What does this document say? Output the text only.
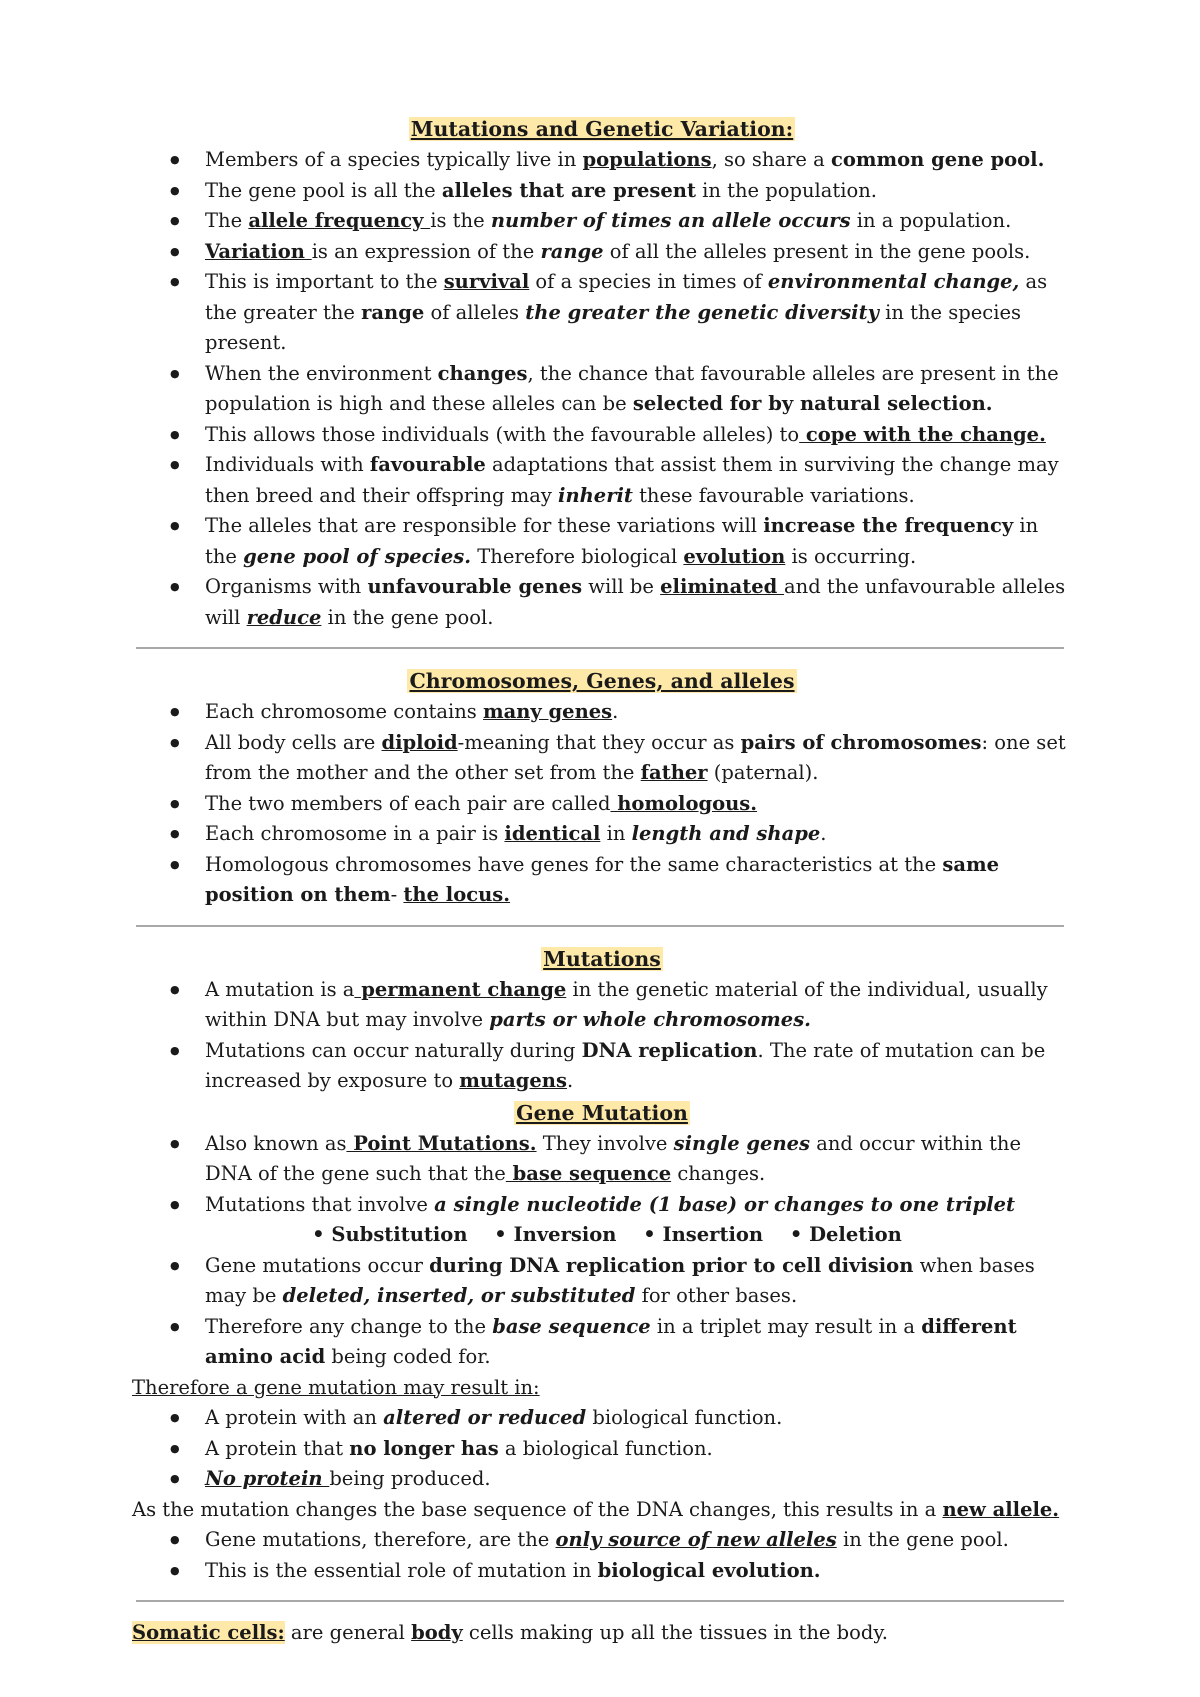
Mutations and Genetic Variation:
● Members of a species typically live in populations, so share a common gene pool.
● The gene pool is all the alleles that are present in the population.
● The allele frequency is the number of times an allele occurs in a population.
● Variation is an expression of the range of all the alleles present in the gene pools.
● This is important to the survival of a species in times of environmental change, as the greater the range of alleles the greater the genetic diversity in the species present.
● When the environment changes, the chance that favourable alleles are present in the population is high and these alleles can be selected for by natural selection.
● This allows those individuals (with the favourable alleles) to cope with the change.
● Individuals with favourable adaptations that assist them in surviving the change may then breed and their offspring may inherit these favourable variations.
● The alleles that are responsible for these variations will increase the frequency in the gene pool of species. Therefore biological evolution is occurring.
● Organisms with unfavourable genes will be eliminated and the unfavourable alleles will reduce in the gene pool.
Chromosomes, Genes, and alleles
● Each chromosome contains many genes.
● All body cells are diploid-meaning that they occur as pairs of chromosomes: one set from the mother and the other set from the father (paternal).
● The two members of each pair are called homologous.
● Each chromosome in a pair is identical in length and shape.
● Homologous chromosomes have genes for the same characteristics at the same position on them- the locus.
Mutations
● A mutation is a permanent change in the genetic material of the individual, usually within DNA but may involve parts or whole chromosomes.
● Mutations can occur naturally during DNA replication. The rate of mutation can be increased by exposure to mutagens.
Gene Mutation
● Also known as Point Mutations. They involve single genes and occur within the DNA of the gene such that the base sequence changes.
● Mutations that involve a single nucleotide (1 base) or changes to one triplet
• Substitution • Inversion • Insertion • Deletion
● Gene mutations occur during DNA replication prior to cell division when bases may be deleted, inserted, or substituted for other bases.
● Therefore any change to the base sequence in a triplet may result in a different amino acid being coded for.

Therefore a gene mutation may result in:

● A protein with an altered or reduced biological function.
● A protein that no longer has a biological function.
● No protein being produced.

As the mutation changes the base sequence of the DNA changes, this results in a new allele.

● Gene mutations, therefore, are the only source of new alleles in the gene pool.
● This is the essential role of mutation in biological evolution.

Somatic cells: are general body cells making up all the tissues in the body.
